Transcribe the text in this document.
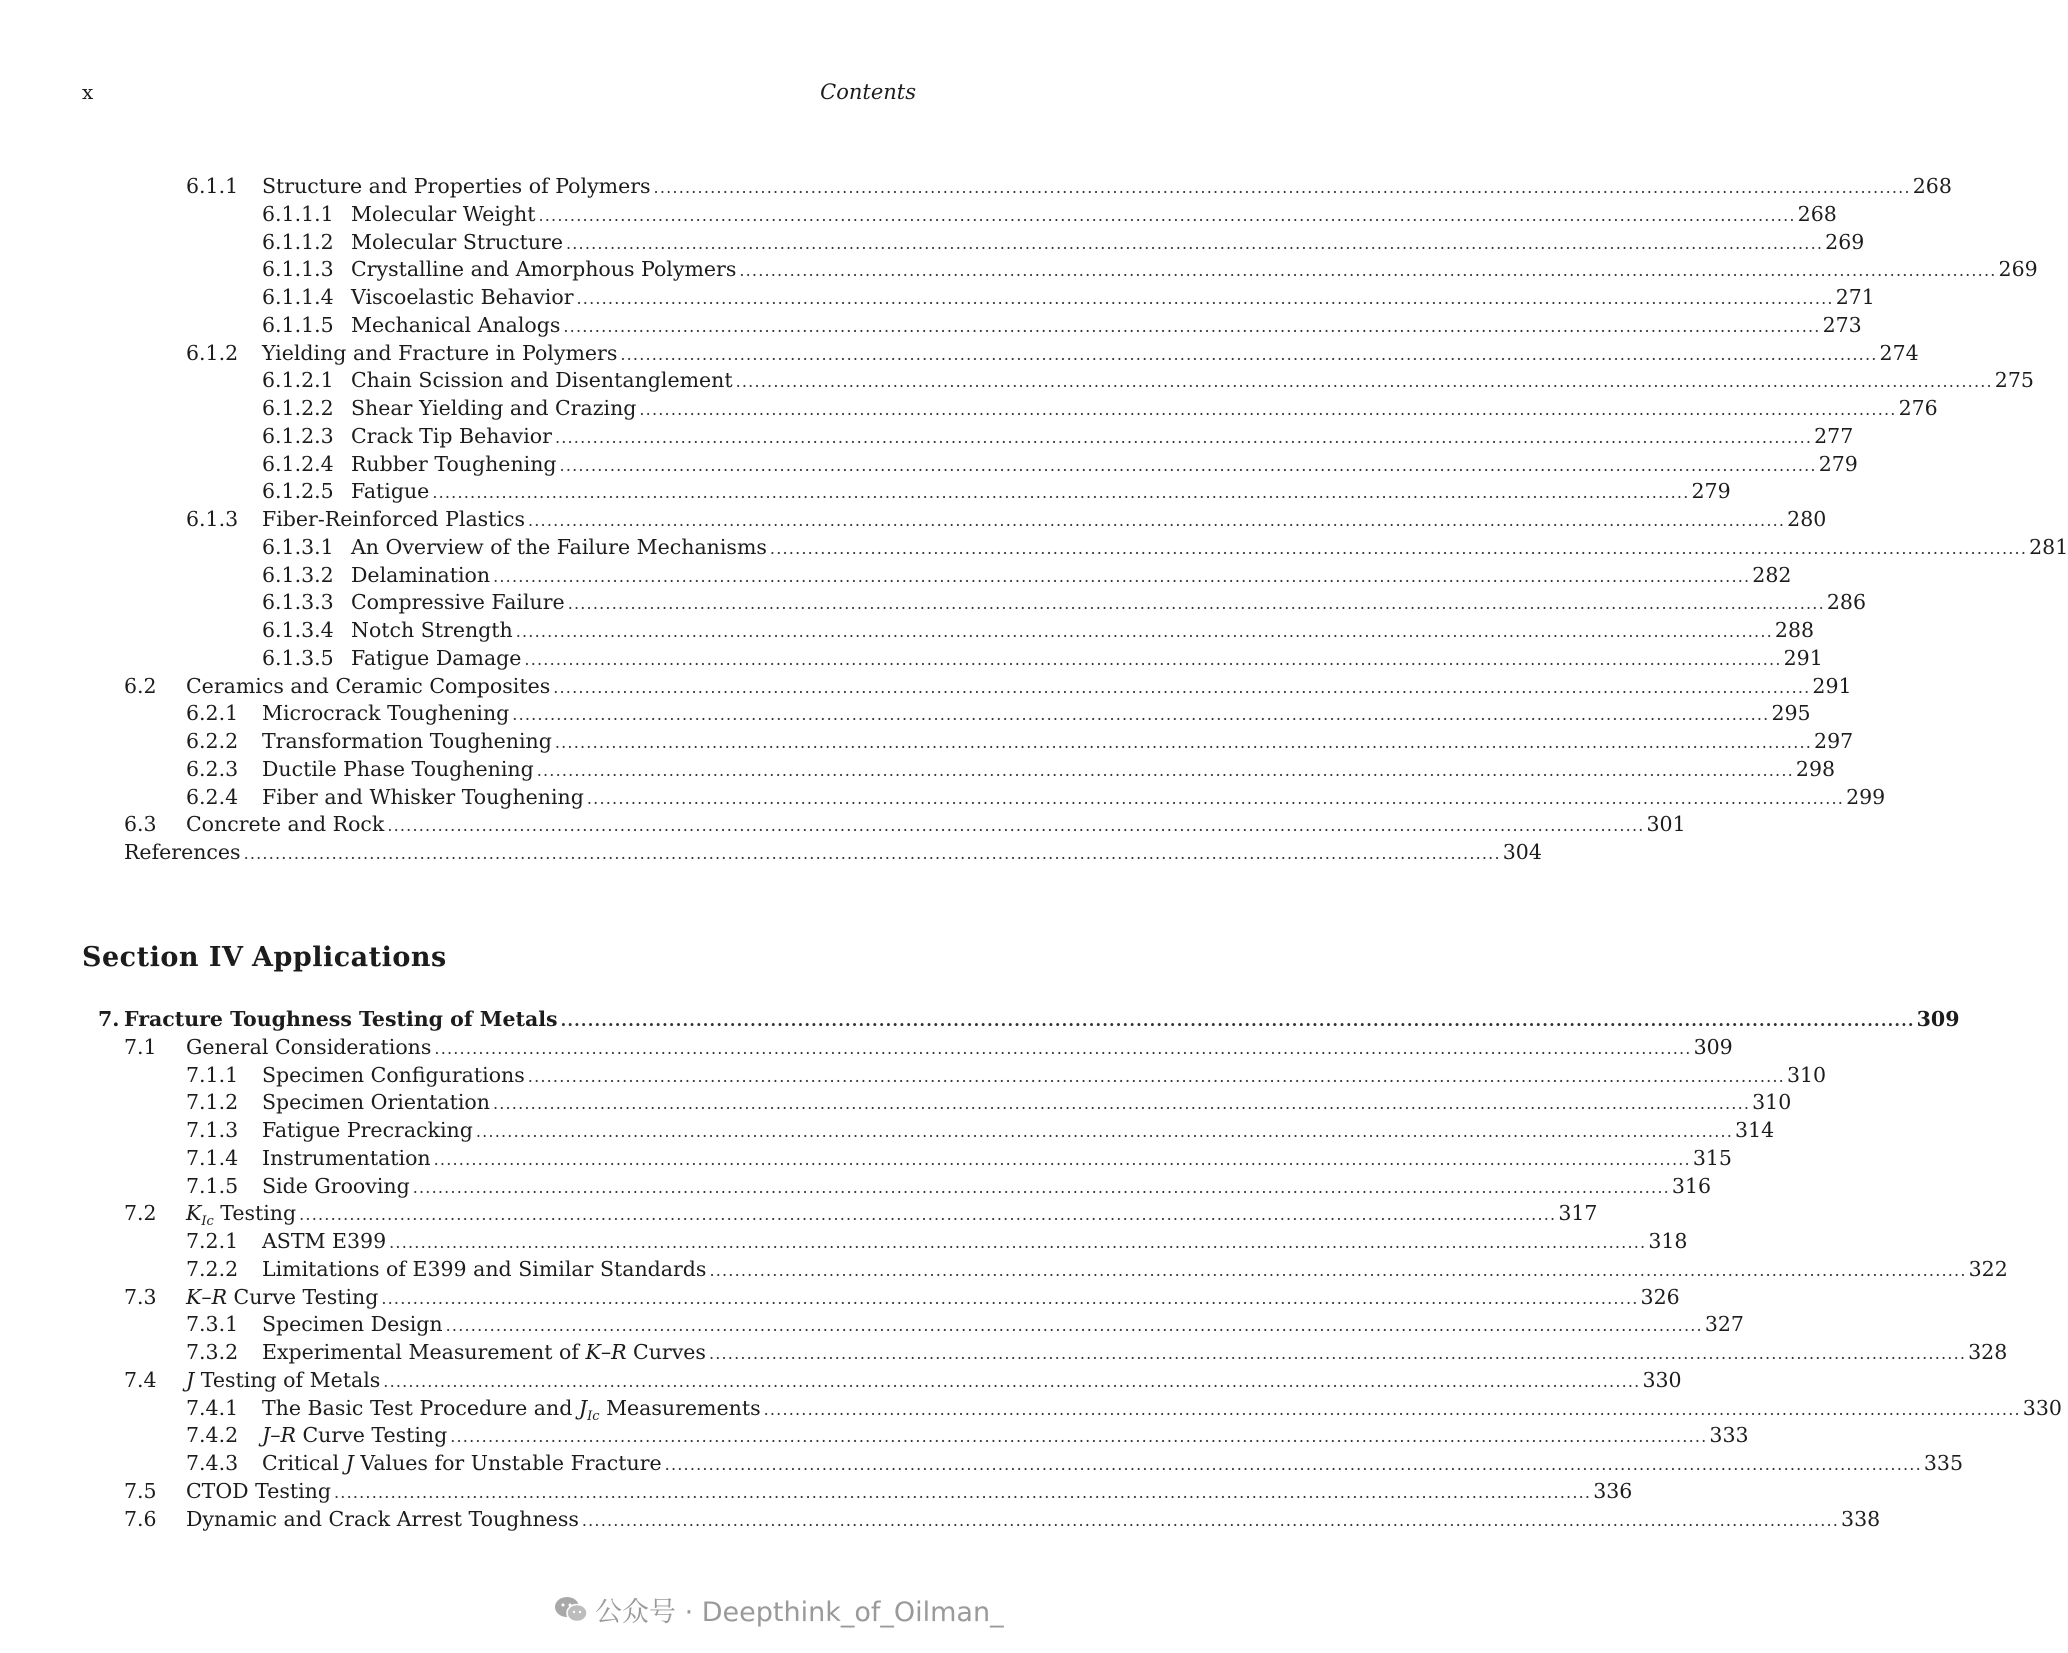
x	Contents
6.1.1 Structure and Properties of Polymers ........................................................................................................................................................................................................ 268
6.1.1.1 Molecular Weight ........................................................................................................................................................................................................ 268
6.1.1.2 Molecular Structure ........................................................................................................................................................................................................ 269
6.1.1.3 Crystalline and Amorphous Polymers ........................................................................................................................................................................................................ 269
6.1.1.4 Viscoelastic Behavior ........................................................................................................................................................................................................ 271
6.1.1.5 Mechanical Analogs ........................................................................................................................................................................................................ 273
6.1.2 Yielding and Fracture in Polymers ........................................................................................................................................................................................................ 274
6.1.2.1 Chain Scission and Disentanglement ........................................................................................................................................................................................................ 275
6.1.2.2 Shear Yielding and Crazing ........................................................................................................................................................................................................ 276
6.1.2.3 Crack Tip Behavior ........................................................................................................................................................................................................ 277
6.1.2.4 Rubber Toughening ........................................................................................................................................................................................................ 279
6.1.2.5 Fatigue ........................................................................................................................................................................................................ 279
6.1.3 Fiber-Reinforced Plastics ........................................................................................................................................................................................................ 280
6.1.3.1 An Overview of the Failure Mechanisms ........................................................................................................................................................................................................ 281
6.1.3.2 Delamination ........................................................................................................................................................................................................ 282
6.1.3.3 Compressive Failure ........................................................................................................................................................................................................ 286
6.1.3.4 Notch Strength ........................................................................................................................................................................................................ 288
6.1.3.5 Fatigue Damage ........................................................................................................................................................................................................ 291
6.2 Ceramics and Ceramic Composites ........................................................................................................................................................................................................ 291
6.2.1 Microcrack Toughening ........................................................................................................................................................................................................ 295
6.2.2 Transformation Toughening ........................................................................................................................................................................................................ 297
6.2.3 Ductile Phase Toughening ........................................................................................................................................................................................................ 298
6.2.4 Fiber and Whisker Toughening ........................................................................................................................................................................................................ 299
6.3 Concrete and Rock ........................................................................................................................................................................................................ 301
References ........................................................................................................................................................................................................ 304
Section IV Applications
7. Fracture Toughness Testing of Metals ........................................................................................................................................................................................................ 309
7.1 General Considerations ........................................................................................................................................................................................................ 309
7.1.1 Specimen Configurations ........................................................................................................................................................................................................ 310
7.1.2 Specimen Orientation ........................................................................................................................................................................................................ 310
7.1.3 Fatigue Precracking ........................................................................................................................................................................................................ 314
7.1.4 Instrumentation ........................................................................................................................................................................................................ 315
7.1.5 Side Grooving ........................................................................................................................................................................................................ 316
7.2 $K_{Ic}$ Testing ........................................................................................................................................................................................................ 317
7.2.1 ASTM E399 ........................................................................................................................................................................................................ 318
7.2.2 Limitations of E399 and Similar Standards ........................................................................................................................................................................................................ 322
7.3 K–R Curve Testing ........................................................................................................................................................................................................ 326
7.3.1 Specimen Design ........................................................................................................................................................................................................ 327
7.3.2 Experimental Measurement of K–R Curves ........................................................................................................................................................................................................ 328
7.4 J Testing of Metals ........................................................................................................................................................................................................ 330
7.4.1 The Basic Test Procedure and $J_{Ic}$ Measurements ........................................................................................................................................................................................................ 330
7.4.2 J–R Curve Testing ........................................................................................................................................................................................................ 333
7.4.3 Critical J Values for Unstable Fracture ........................................................................................................................................................................................................ 335
7.5 CTOD Testing ........................................................................................................................................................................................................ 336
7.6 Dynamic and Crack Arrest Toughness ........................................................................................................................................................................................................ 338
公众号 · Deepthink_of_Oilman_
